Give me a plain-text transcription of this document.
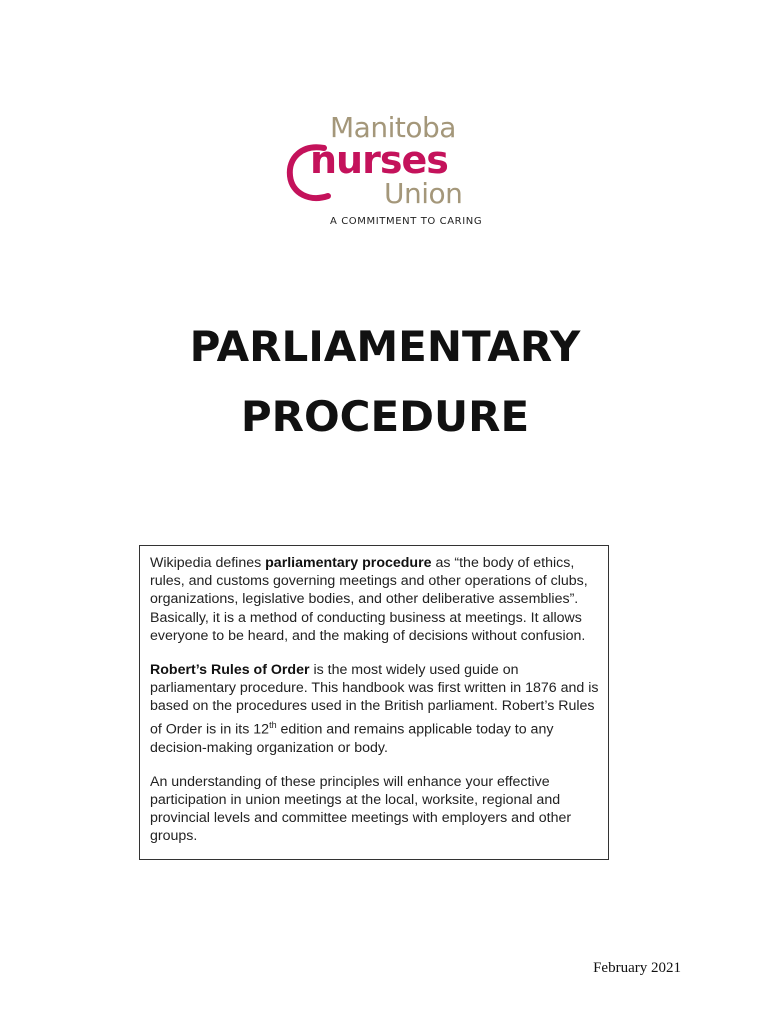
Manitoba
nurses
Union
A COMMITMENT TO CARING
PARLIAMENTARY
PROCEDURE

Wikipedia defines parliamentary procedure as “the body of ethics, rules, and customs governing meetings and other operations of clubs, organizations, legislative bodies, and other deliberative assemblies”. Basically, it is a method of conducting business at meetings. It allows everyone to be heard, and the making of decisions without confusion.

Robert’s Rules of Order is the most widely used guide on parliamentary procedure. This handbook was first written in 1876 and is based on the procedures used in the British parliament. Robert’s Rules of Order is in its 12th edition and remains applicable today to any decision-making organization or body.

An understanding of these principles will enhance your effective participation in union meetings at the local, worksite, regional and provincial levels and committee meetings with employers and other groups.

February 2021
